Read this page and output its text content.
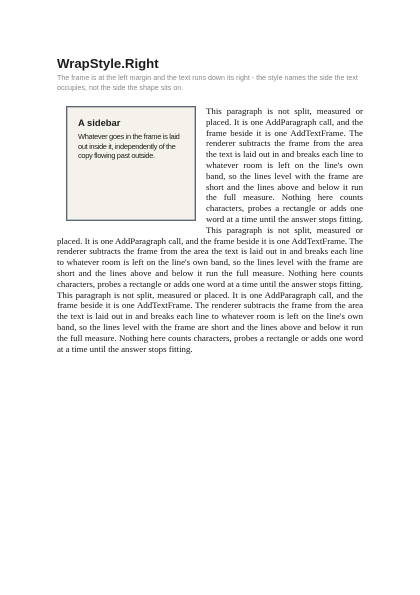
WrapStyle.Right
The frame is at the left margin and the text runs down its right - the style names the side the text occupies, not the side the shape sits on.
A sidebar
Whatever goes in the frame is laid out inside it, independently of the copy flowing past outside.
This paragraph is not split, measured or placed. It is one AddParagraph call, and the frame beside it is one AddTextFrame. The renderer subtracts the frame from the area the text is laid out in and breaks each line to whatever room is left on the line's own band, so the lines level with the frame are short and the lines above and below it run the full measure. Nothing here counts characters, probes a rectangle or adds one word at a time until the answer stops fitting. This paragraph is not split, measured or placed. It is one AddParagraph call, and the frame beside it is one AddTextFrame. The renderer subtracts the frame from the area the text is laid out in and breaks each line to whatever room is left on the line's own band, so the lines level with the frame are short and the lines above and below it run the full measure. Nothing here counts characters, probes a rectangle or adds one word at a time until the answer stops fitting. This paragraph is not split, measured or placed. It is one AddParagraph call, and the frame beside it is one AddTextFrame. The renderer subtracts the frame from the area the text is laid out in and breaks each line to whatever room is left on the line's own band, so the lines level with the frame are short and the lines above and below it run the full measure. Nothing here counts characters, probes a rectangle or adds one word at a time until the answer stops fitting.
